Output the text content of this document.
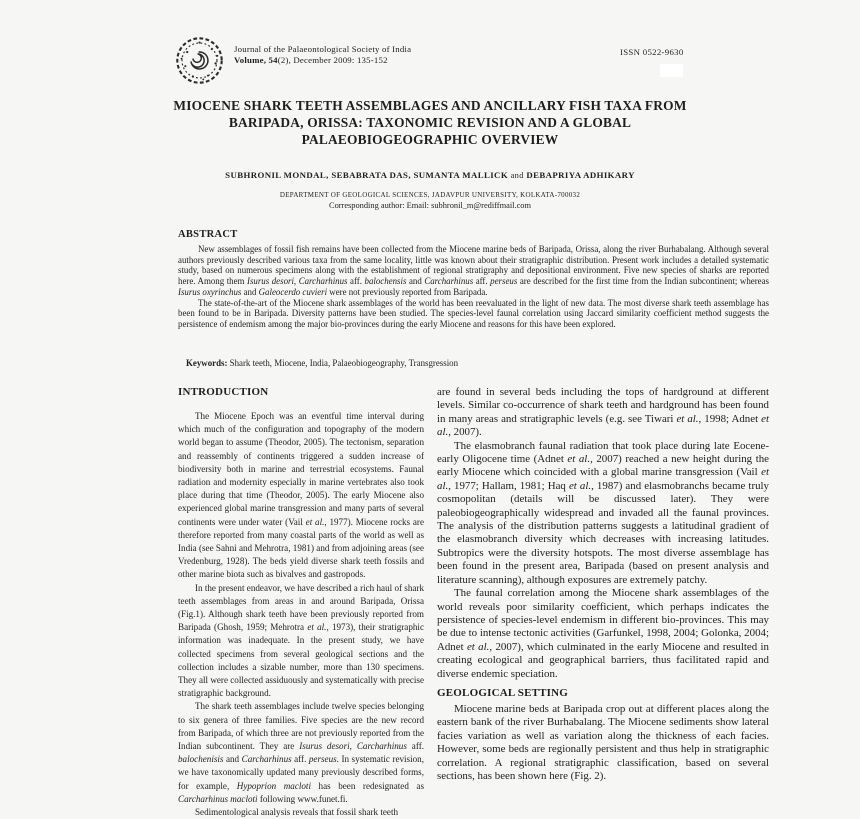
Journal of the Palaeontological Society of India
Volume, 54(2), December 2009: 135-152
ISSN 0522-9630
MIOCENE SHARK TEETH ASSEMBLAGES AND ANCILLARY FISH TAXA FROM
BARIPADA, ORISSA: TAXONOMIC REVISION AND A GLOBAL
PALAEOBIOGEOGRAPHIC OVERVIEW
SUBHRONIL MONDAL, SEBABRATA DAS, SUMANTA MALLICK and DEBAPRIYA ADHIKARY
DEPARTMENT OF GEOLOGICAL SCIENCES, JADAVPUR UNIVERSITY, KOLKATA-700032
Corresponding author: Email: subhronil_m@rediffmail.com
ABSTRACT

New assemblages of fossil fish remains have been collected from the Miocene marine beds of Baripada, Orissa, along the river Burhabalang. Although several authors previously described various taxa from the same locality, little was known about their stratigraphic distribution. Present work includes a detailed systematic study, based on numerous specimens along with the establishment of regional stratigraphy and depositional environment. Five new species of sharks are reported here. Among them Isurus desori, Carcharhinus aff. balochensis and Carcharhinus aff. perseus are described for the first time from the Indian subcontinent; whereas Isurus oxyrinchus and Galeocerdo cuvieri were not previously reported from Baripada.

The state-of-the-art of the Miocene shark assemblages of the world has been reevaluated in the light of new data. The most diverse shark teeth assemblage has been found to be in Baripada. Diversity patterns have been studied. The species-level faunal correlation using Jaccard similarity coefficient method suggests the persistence of endemism among the major bio-provinces during the early Miocene and reasons for this have been explored.

Keywords: Shark teeth, Miocene, India, Palaeobiogeography, Transgression
INTRODUCTION

The Miocene Epoch was an eventful time interval during which much of the configuration and topography of the modern world began to assume (Theodor, 2005). The tectonism, separation and reassembly of continents triggered a sudden increase of biodiversity both in marine and terrestrial ecosystems. Faunal radiation and modernity especially in marine vertebrates also took place during that time (Theodor, 2005). The early Miocene also experienced global marine transgression and many parts of several continents were under water (Vail et al., 1977). Miocene rocks are therefore reported from many coastal parts of the world as well as India (see Sahni and Mehrotra, 1981) and from adjoining areas (see Vredenburg, 1928). The beds yield diverse shark teeth fossils and other marine biota such as bivalves and gastropods.

In the present endeavor, we have described a rich haul of shark teeth assemblages from areas in and around Baripada, Orissa (Fig.1). Although shark teeth have been previously reported from Baripada (Ghosh, 1959; Mehrotra et al., 1973), their stratigraphic information was inadequate. In the present study, we have collected specimens from several geological sections and the collection includes a sizable number, more than 130 specimens. They all were collected assiduously and systematically with precise stratigraphic background.

The shark teeth assemblages include twelve species belonging to six genera of three families. Five species are the new record from Baripada, of which three are not previously reported from the Indian subcontinent. They are Isurus desori, Carcharhinus aff. balochenisis and Carcharhinus aff. perseus. In systematic revision, we have taxonomically updated many previously described forms, for example, Hypoprion macloti has been redesignated as Carcharhinus macloti following www.funet.fi.

Sedimentological analysis reveals that fossil shark teeth

are found in several beds including the tops of hardground at different levels. Similar co-occurrence of shark teeth and hardground has been found in many areas and stratigraphic levels (e.g. see Tiwari et al., 1998; Adnet et al., 2007).

The elasmobranch faunal radiation that took place during late Eocene-early Oligocene time (Adnet et al., 2007) reached a new height during the early Miocene which coincided with a global marine transgression (Vail et al., 1977; Hallam, 1981; Haq et al., 1987) and elasmobranchs became truly cosmopolitan (details will be discussed later). They were paleobiogeographically widespread and invaded all the faunal provinces. The analysis of the distribution patterns suggests a latitudinal gradient of the elasmobranch diversity which decreases with increasing latitudes. Subtropics were the diversity hotspots. The most diverse assemblage has been found in the present area, Baripada (based on present analysis and literature scanning), although exposures are extremely patchy.

The faunal correlation among the Miocene shark assemblages of the world reveals poor similarity coefficient, which perhaps indicates the persistence of species-level endemism in different bio-provinces. This may be due to intense tectonic activities (Garfunkel, 1998, 2004; Golonka, 2004; Adnet et al., 2007), which culminated in the early Miocene and resulted in creating ecological and geographical barriers, thus facilitated rapid and diverse endemic speciation.

GEOLOGICAL SETTING

Miocene marine beds at Baripada crop out at different places along the eastern bank of the river Burhabalang. The Miocene sediments show lateral facies variation as well as variation along the thickness of each facies. However, some beds are regionally persistent and thus help in stratigraphic correlation. A regional stratigraphic classification, based on several sections, has been shown here (Fig. 2).
